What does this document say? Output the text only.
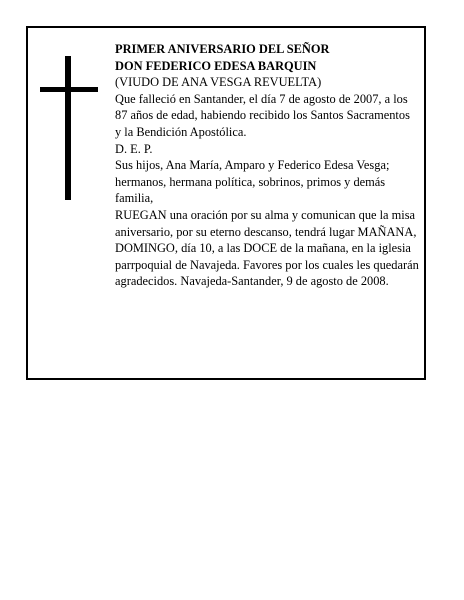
PRIMER ANIVERSARIO DEL SEÑOR
DON FEDERICO EDESA BARQUIN
(VIUDO DE ANA VESGA REVUELTA)
Que falleció en Santander, el día 7 de agosto de 2007, a los 87 años de edad, habiendo recibido los Santos Sacramentos
y la Bendición Apostólica.
D. E. P.
Sus hijos, Ana María, Amparo y Federico Edesa Vesga; hermanos, hermana política, sobrinos, primos y demás familia,
RUEGAN una oración por su alma y comunican que la misa aniversario, por su eterno descanso, tendrá lugar MAÑANA, DOMINGO, día 10, a las DOCE de la mañana, en la iglesia parrpoquial de Navajeda. Favores por los cuales les quedarán agradecidos. Navajeda-Santander, 9 de agosto de 2008.
